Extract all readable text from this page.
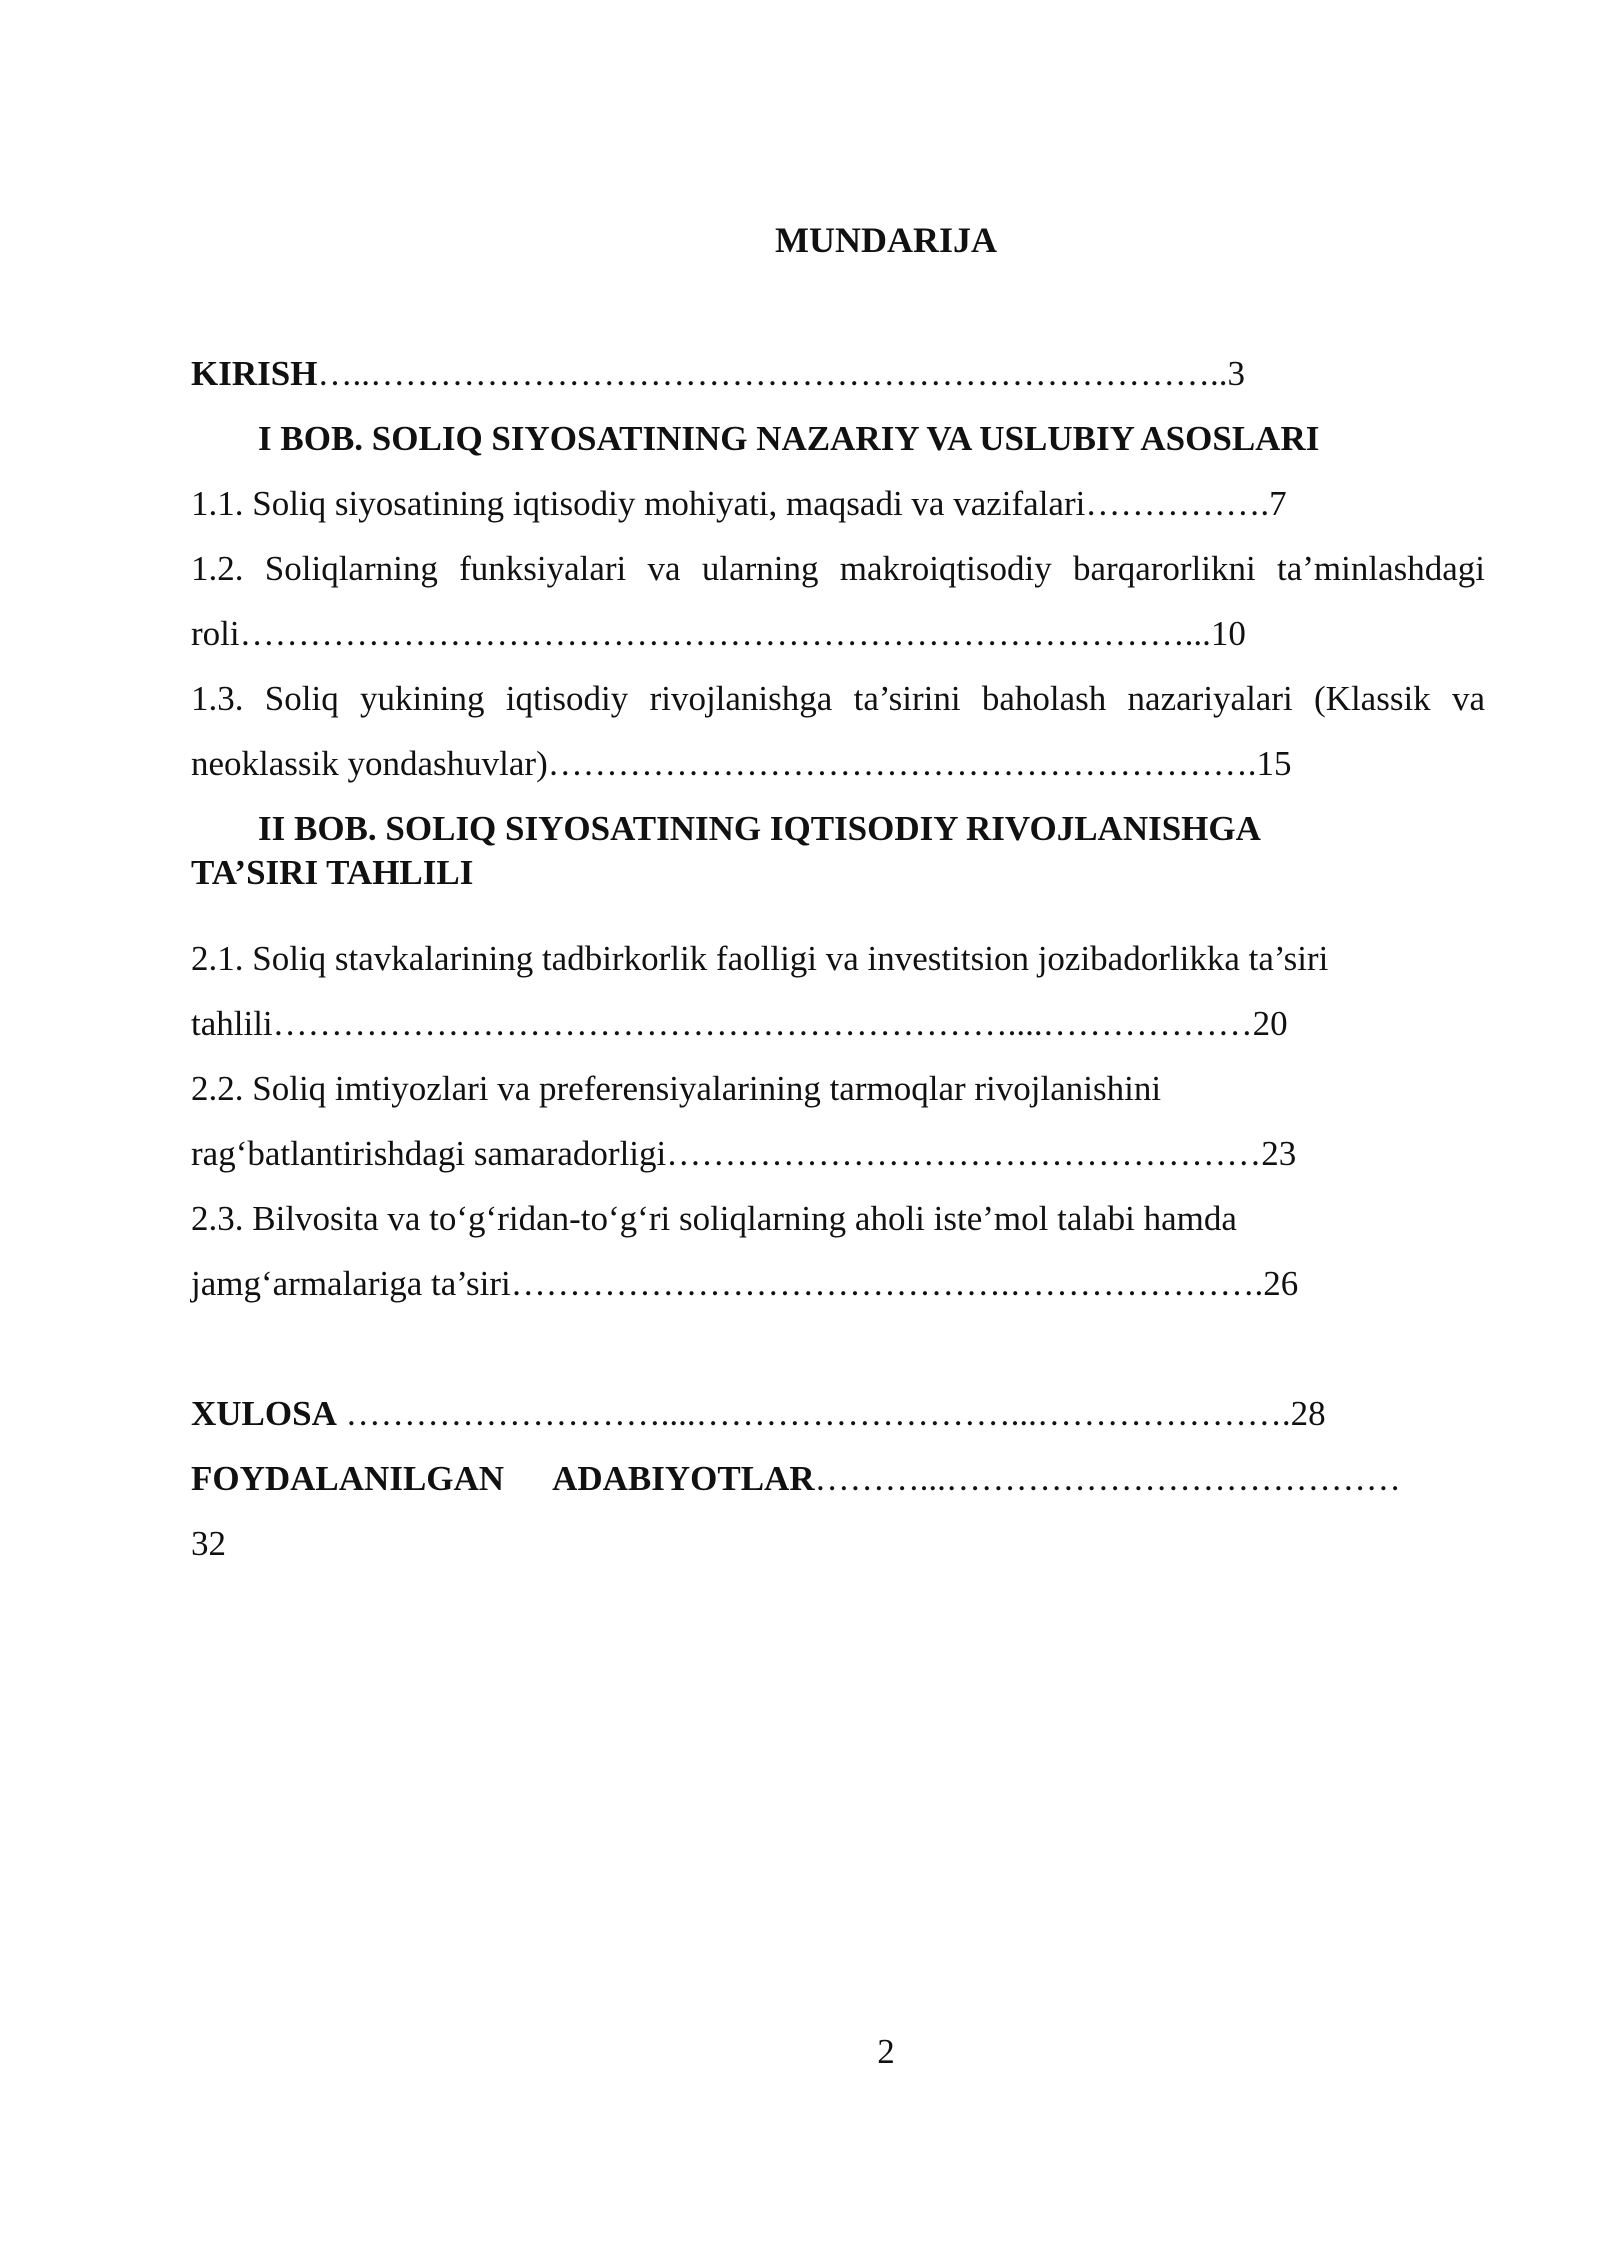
MUNDARIJA
KIRISH…..………………………………………………………………..3
I BOB. SOLIQ SIYOSATINING NAZARIY VA USLUBIY ASOSLARI
1.1. Soliq siyosatining iqtisodiy mohiyati, maqsadi va vazifalari…………….7
1.2. Soliqlarning funksiyalari va ularning makroiqtisodiy barqarorlikni ta’minlashdagi
roli………………………………………………………………………...10
1.3. Soliq yukining iqtisodiy rivojlanishga ta’sirini baholash nazariyalari (Klassik va
neoklassik yondashuvlar)…………………………………………………….15
II BOB. SOLIQ SIYOSATINING IQTISODIY RIVOJLANISHGA
TA’SIRI TAHLILI
2.1. Soliq stavkalarining tadbirkorlik faolligi va investitsion jozibadorlikka ta’siri
tahlili………………………………………………………....………………20
2.2. Soliq imtiyozlari va preferensiyalarining tarmoqlar rivojlanishini
rag‘batlantirishdagi samaradorligi……………………………………………23
2.3. Bilvosita va to‘g‘ridan-to‘g‘ri soliqlarning aholi iste’mol talabi hamda
jamg‘armalariga ta’siri…………………………………….………………….26
XULOSA ………………………....………………………...………………….28
FOYDALANILGAN ADABIYOTLAR………...…………………………………
32
2
